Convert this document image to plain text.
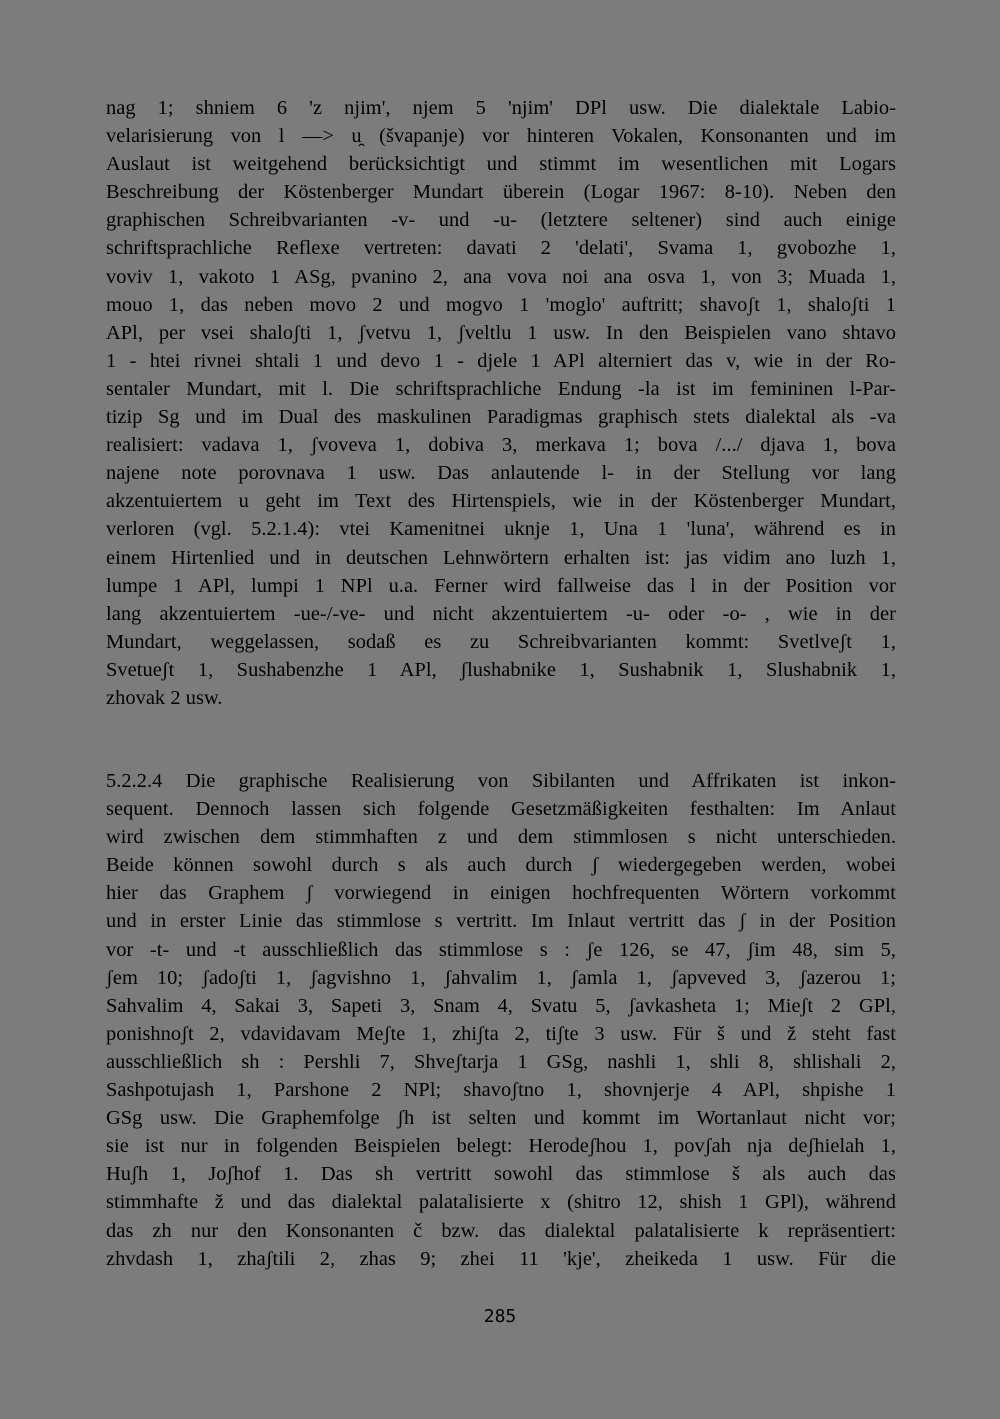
nag 1; shniem 6 'z njim', njem 5 'njim' DPl usw. Die dialektale Labio-
velarisierung von l —> u̯ (švapanje) vor hinteren Vokalen, Konsonanten und im
Auslaut ist weitgehend berücksichtigt und stimmt im wesentlichen mit Logars
Beschreibung der Köstenberger Mundart überein (Logar 1967: 8-10). Neben den
graphischen Schreibvarianten -v- und -u- (letztere seltener) sind auch einige
schriftsprachliche Reflexe vertreten: davati 2 'delati', Svama 1, gvobozhe 1,
voviv 1, vakoto 1 ASg, pvanino 2, ana vova noi ana osva 1, von 3; Muada 1,
mouo 1, das neben movo 2 und mogvo 1 'moglo' auftritt; shavoʃt 1, shaloʃti 1
APl, per vsei shaloʃti 1, ʃvetvu 1, ʃveltlu 1 usw. In den Beispielen vano shtavo
1 - htei rivnei shtali 1 und devo 1 - djele 1 APl alterniert das v, wie in der Ro-
sentaler Mundart, mit l. Die schriftsprachliche Endung -la ist im femininen l-Par-
tizip Sg und im Dual des maskulinen Paradigmas graphisch stets dialektal als -va
realisiert: vadava 1, ʃvoveva 1, dobiva 3, merkava 1; bova /.../ djava 1, bova
najene note porovnava 1 usw. Das anlautende l- in der Stellung vor lang
akzentuiertem u geht im Text des Hirtenspiels, wie in der Köstenberger Mundart,
verloren (vgl. 5.2.1.4): vtei Kamenitnei uknje 1, Una 1 'luna', während es in
einem Hirtenlied und in deutschen Lehnwörtern erhalten ist: jas vidim ano luzh 1,
lumpe 1 APl, lumpi 1 NPl u.a. Ferner wird fallweise das l in der Position vor
lang akzentuiertem -ue-/-ve- und nicht akzentuiertem -u- oder -o- , wie in der
Mundart, weggelassen, sodaß es zu Schreibvarianten kommt: Svetlveʃt 1,
Svetueʃt 1, Sushabenzhe 1 APl, ʃlushabnike 1, Sushabnik 1, Slushabnik 1,
zhovak 2 usw.
5.2.2.4 Die graphische Realisierung von Sibilanten und Affrikaten ist inkon-
sequent. Dennoch lassen sich folgende Gesetzmäßigkeiten festhalten: Im Anlaut
wird zwischen dem stimmhaften z und dem stimmlosen s nicht unterschieden.
Beide können sowohl durch s als auch durch ʃ wiedergegeben werden, wobei
hier das Graphem ʃ vorwiegend in einigen hochfrequenten Wörtern vorkommt
und in erster Linie das stimmlose s vertritt. Im Inlaut vertritt das ʃ in der Position
vor -t- und -t ausschließlich das stimmlose s : ʃe 126, se 47, ʃim 48, sim 5,
ʃem 10; ʃadoʃti 1, ʃagvishno 1, ʃahvalim 1, ʃamla 1, ʃapveved 3, ʃazerou 1;
Sahvalim 4, Sakai 3, Sapeti 3, Snam 4, Svatu 5, ʃavkasheta 1; Mieʃt 2 GPl,
ponishnoʃt 2, vdavidavam Meʃte 1, zhiʃta 2, tiʃte 3 usw. Für š und ž steht fast
ausschließlich sh : Pershli 7, Shveʃtarja 1 GSg, nashli 1, shli 8, shlishali 2,
Sashpotujash 1, Parshone 2 NPl; shavoʃtno 1, shovnjerje 4 APl, shpishe 1
GSg usw. Die Graphemfolge ʃh ist selten und kommt im Wortanlaut nicht vor;
sie ist nur in folgenden Beispielen belegt: Herodeʃhou 1, povʃah nja deʃhielah 1,
Huʃh 1, Joʃhof 1. Das sh vertritt sowohl das stimmlose š als auch das
stimmhafte ž und das dialektal palatalisierte x (shitro 12, shish 1 GPl), während
das zh nur den Konsonanten č bzw. das dialektal palatalisierte k repräsentiert:
zhvdash 1, zhaʃtili 2, zhas 9; zhei 11 'kje', zheikeda 1 usw. Für die
285
